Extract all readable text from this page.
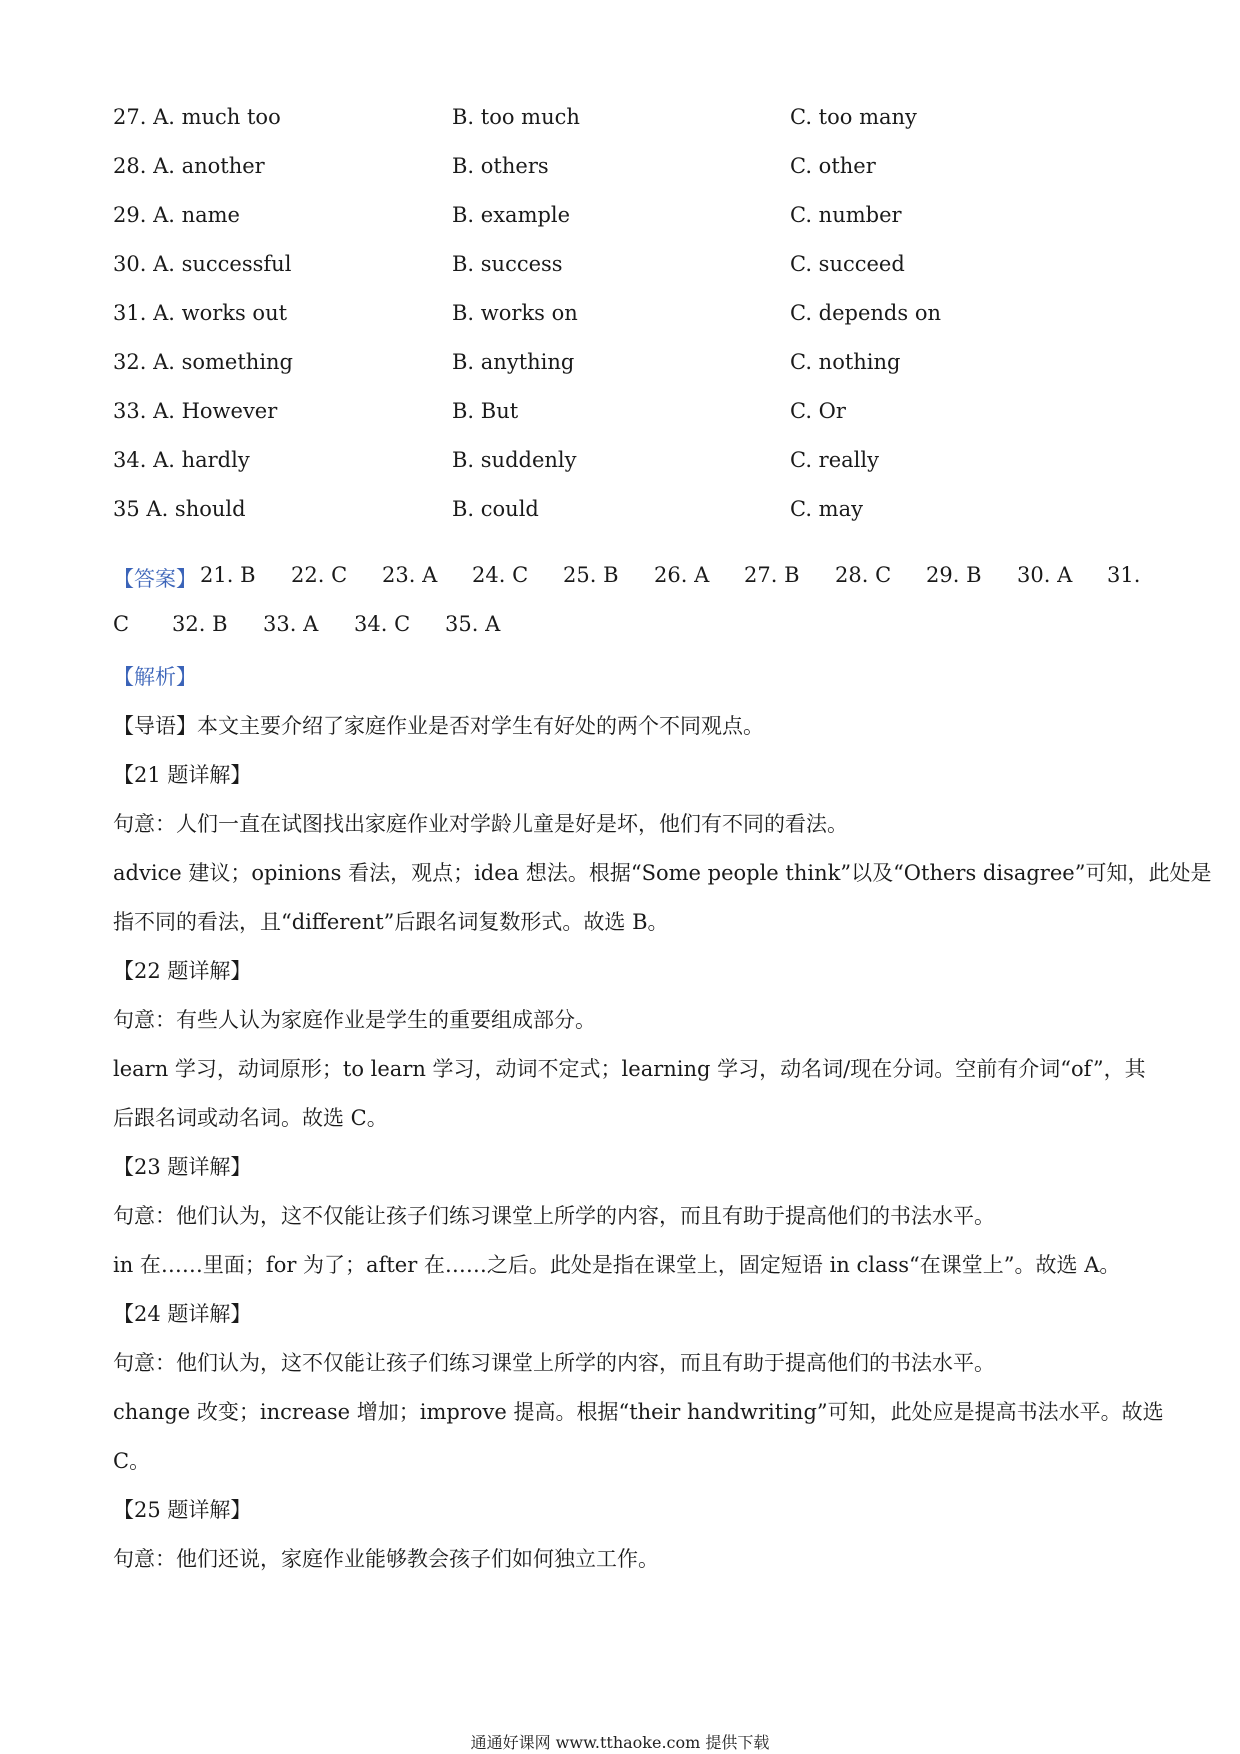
27. A. much too	B. too much	C. too many
28. A. another	B. others	C. other
29. A. name	B. example	C. number
30. A. successful	B. success	C. succeed
31. A. works out	B. works on	C. depends on
32. A. something	B. anything	C. nothing
33. A. However	B. But	C. Or
34. A. hardly	B. suddenly	C. really
35 A. should	B. could	C. may
【答案】 21. B 22. C 23. A 24. C 25. B 26. A 27. B 28. C 29. B 30. A 31.
C 32. B 33. A 34. C 35. A
【解析】
【导语】本文主要介绍了家庭作业是否对学生有好处的两个不同观点。
【21 题详解】
句意：人们一直在试图找出家庭作业对学龄儿童是好是坏，他们有不同的看法。
advice 建议；opinions 看法，观点；idea 想法。根据“Some people think”以及“Others disagree”可知，此处是
指不同的看法，且“different”后跟名词复数形式。故选 B。
【22 题详解】
句意：有些人认为家庭作业是学生的重要组成部分。
learn 学习，动词原形；to learn 学习，动词不定式；learning 学习，动名词/现在分词。空前有介词“of”，其
后跟名词或动名词。故选 C。
【23 题详解】
句意：他们认为，这不仅能让孩子们练习课堂上所学的内容，而且有助于提高他们的书法水平。
in 在……里面；for 为了；after 在……之后。此处是指在课堂上，固定短语 in class“在课堂上”。故选 A。
【24 题详解】
句意：他们认为，这不仅能让孩子们练习课堂上所学的内容，而且有助于提高他们的书法水平。
change 改变；increase 增加；improve 提高。根据“their handwriting”可知，此处应是提高书法水平。故选
C。
【25 题详解】
句意：他们还说，家庭作业能够教会孩子们如何独立工作。
通通好课网 www.tthaoke.com 提供下载
